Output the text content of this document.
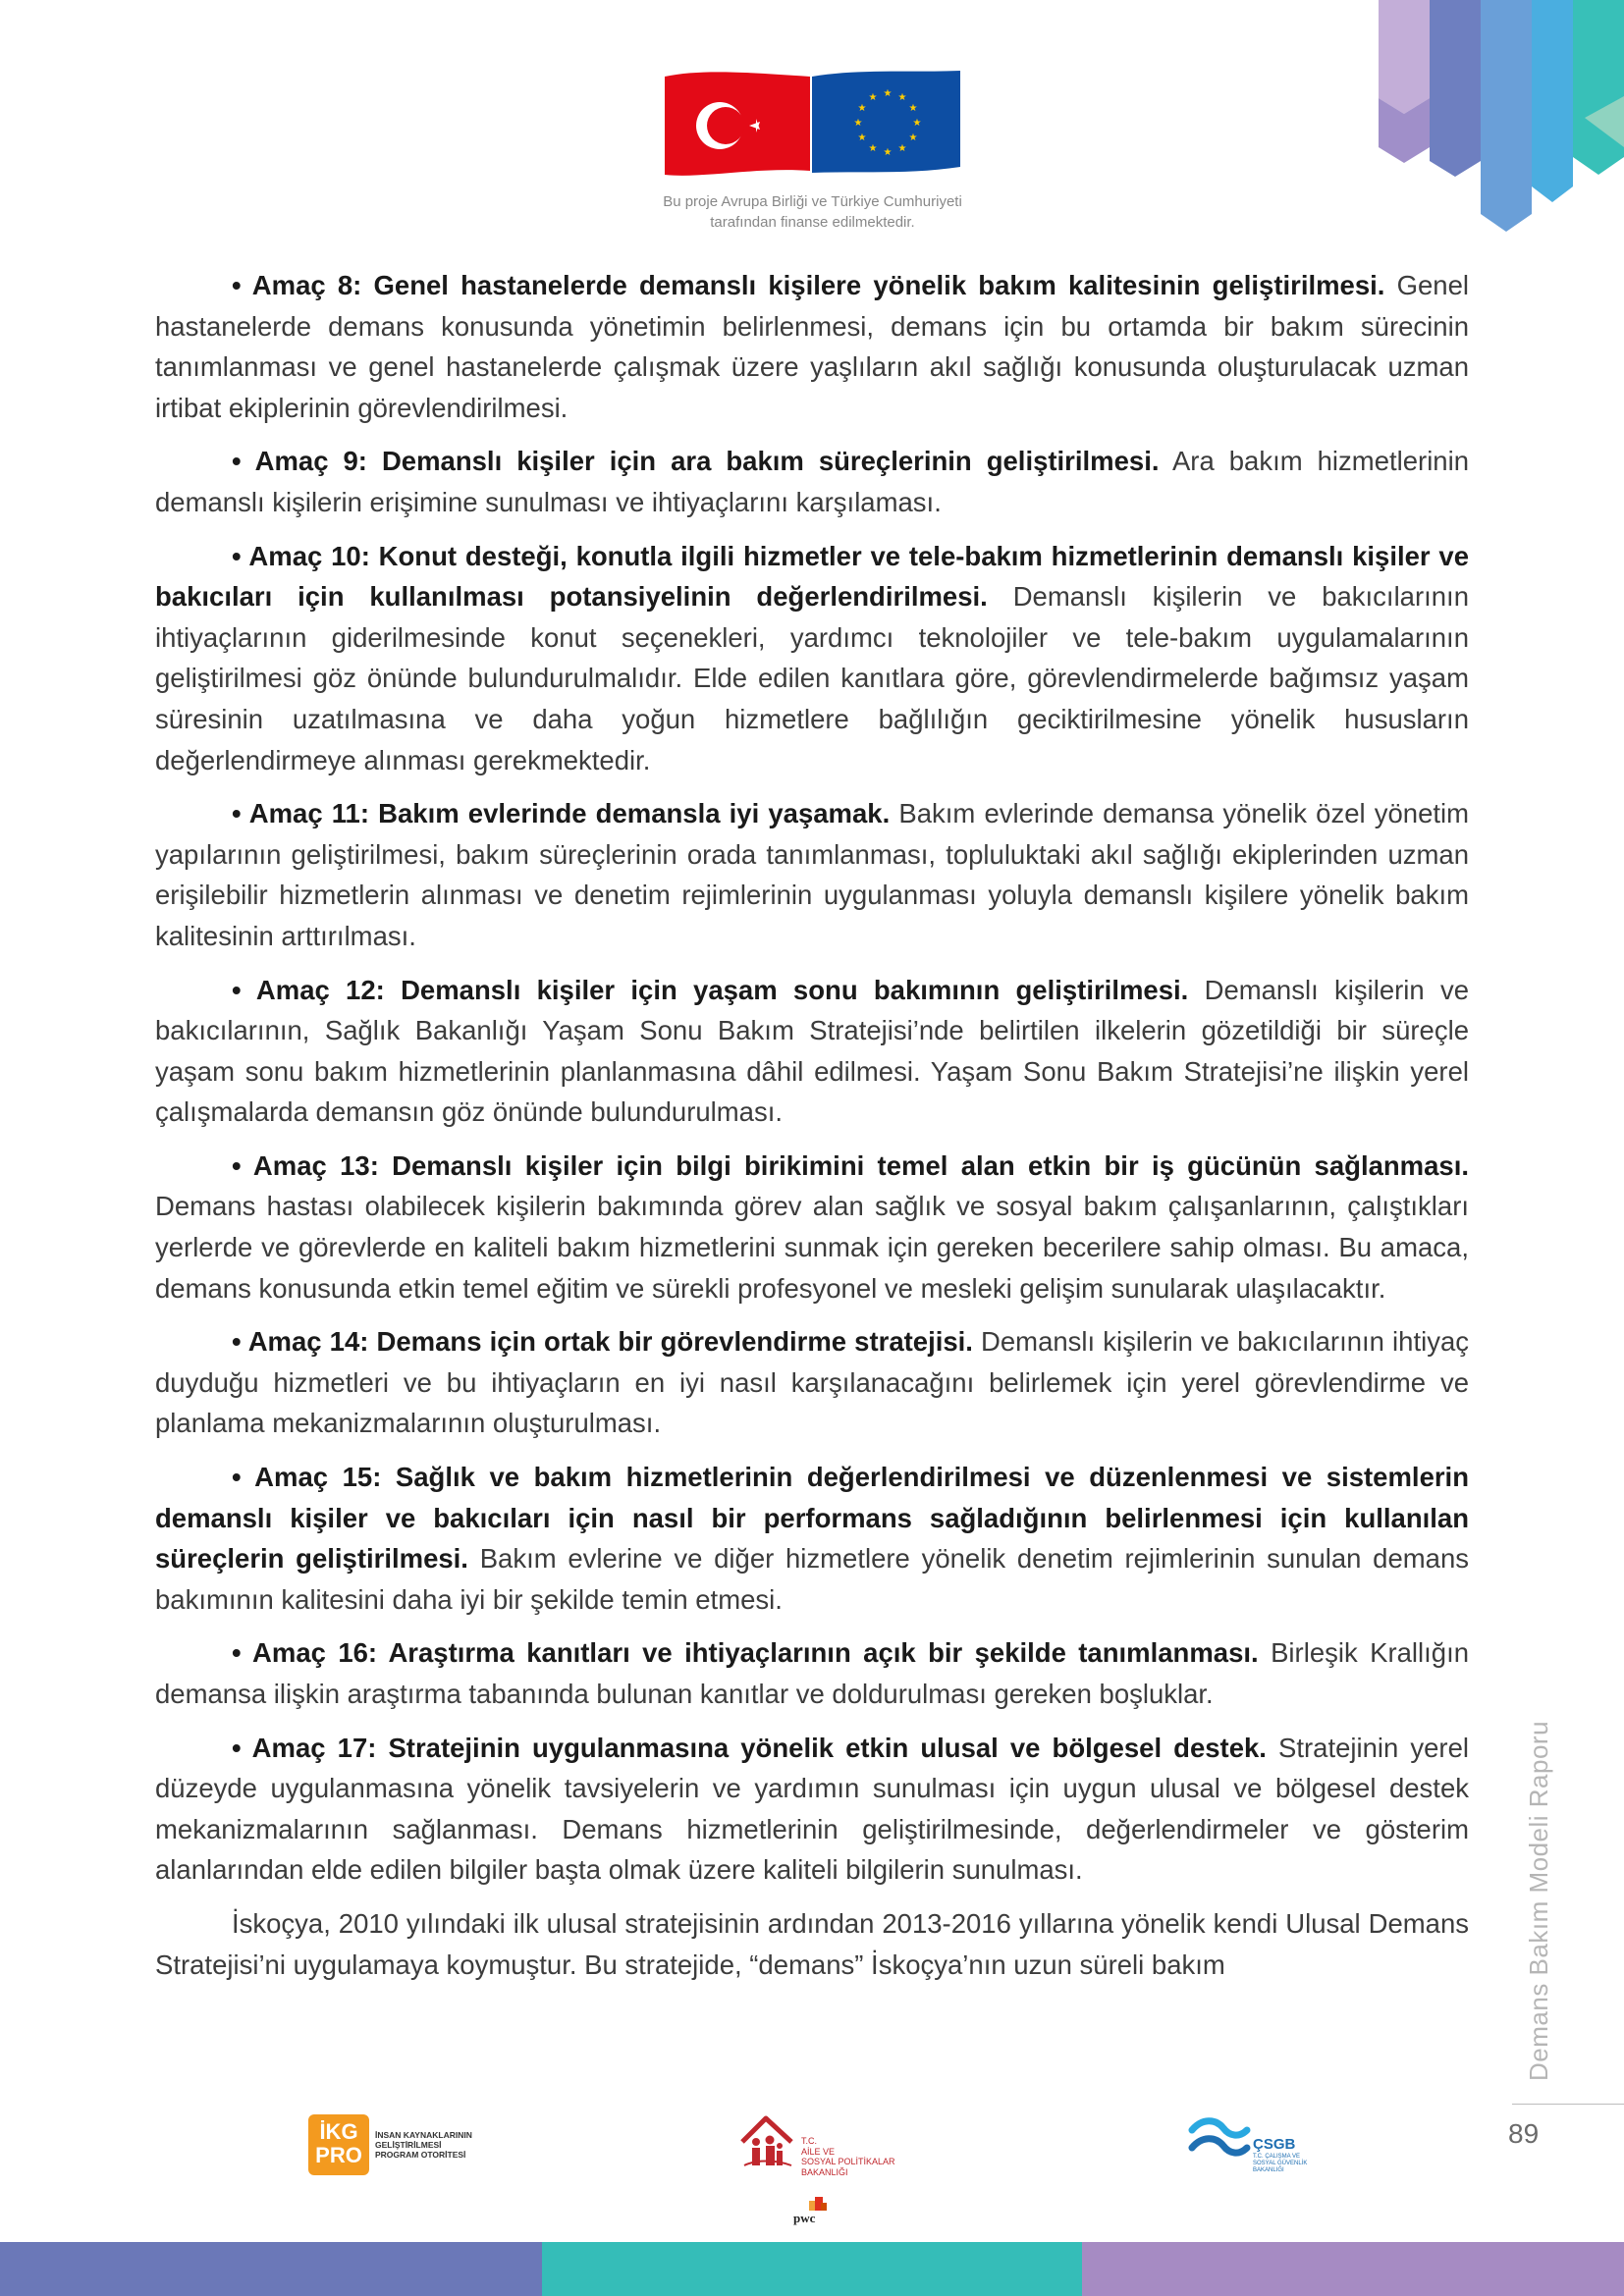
★ ★
★
★
★
★
★
★
★
★
★
★
Bu proje Avrupa Birliği ve Türkiye Cumhuriyeti
tarafından finanse edilmektedir.

• Amaç 8: Genel hastanelerde demanslı kişilere yönelik bakım kalitesinin geliştirilmesi. Genel hastanelerde demans konusunda yönetimin belirlenmesi, demans için bu ortamda bir bakım sürecinin tanımlanması ve genel hastanelerde çalışmak üzere yaşlıların akıl sağlığı konusunda oluşturulacak uzman irtibat ekiplerinin görevlendirilmesi.

• Amaç 9: Demanslı kişiler için ara bakım süreçlerinin geliştirilmesi. Ara bakım hizmetlerinin demanslı kişilerin erişimine sunulması ve ihtiyaçlarını karşılaması.

• Amaç 10: Konut desteği, konutla ilgili hizmetler ve tele-bakım hizmetlerinin demanslı kişiler ve bakıcıları için kullanılması potansiyelinin değerlendirilmesi. Demanslı kişilerin ve bakıcılarının ihtiyaçlarının giderilmesinde konut seçenekleri, yardımcı teknolojiler ve tele-bakım uygulamalarının geliştirilmesi göz önünde bulundurulmalıdır. Elde edilen kanıtlara göre, görevlendirmelerde bağımsız yaşam süresinin uzatılmasına ve daha yoğun hizmetlere bağlılığın geciktirilmesine yönelik hususların değerlendirmeye alınması gerekmektedir.

• Amaç 11: Bakım evlerinde demansla iyi yaşamak. Bakım evlerinde demansa yönelik özel yönetim yapılarının geliştirilmesi, bakım süreçlerinin orada tanımlanması, topluluktaki akıl sağlığı ekiplerinden uzman erişilebilir hizmetlerin alınması ve denetim rejimlerinin uygulanması yoluyla demanslı kişilere yönelik bakım kalitesinin arttırılması.

• Amaç 12: Demanslı kişiler için yaşam sonu bakımının geliştirilmesi. Demanslı kişilerin ve bakıcılarının, Sağlık Bakanlığı Yaşam Sonu Bakım Stratejisi’nde belirtilen ilkelerin gözetildiği bir süreçle yaşam sonu bakım hizmetlerinin planlanmasına dâhil edilmesi. Yaşam Sonu Bakım Stratejisi’ne ilişkin yerel çalışmalarda demansın göz önünde bulundurulması.

• Amaç 13: Demanslı kişiler için bilgi birikimini temel alan etkin bir iş gücünün sağlanması. Demans hastası olabilecek kişilerin bakımında görev alan sağlık ve sosyal bakım çalışanlarının, çalıştıkları yerlerde ve görevlerde en kaliteli bakım hizmetlerini sunmak için gereken becerilere sahip olması. Bu amaca, demans konusunda etkin temel eğitim ve sürekli profesyonel ve mesleki gelişim sunularak ulaşılacaktır.

• Amaç 14: Demans için ortak bir görevlendirme stratejisi. Demanslı kişilerin ve bakıcılarının ihtiyaç duyduğu hizmetleri ve bu ihtiyaçların en iyi nasıl karşılanacağını belirlemek için yerel görevlendirme ve planlama mekanizmalarının oluşturulması.

• Amaç 15: Sağlık ve bakım hizmetlerinin değerlendirilmesi ve düzenlenmesi ve sistemlerin demanslı kişiler ve bakıcıları için nasıl bir performans sağladığının belirlenmesi için kullanılan süreçlerin geliştirilmesi. Bakım evlerine ve diğer hizmetlere yönelik denetim rejimlerinin sunulan demans bakımının kalitesini daha iyi bir şekilde temin etmesi.

• Amaç 16: Araştırma kanıtları ve ihtiyaçlarının açık bir şekilde tanımlanması. Birleşik Krallığın demansa ilişkin araştırma tabanında bulunan kanıtlar ve doldurulması gereken boşluklar.

• Amaç 17: Stratejinin uygulanmasına yönelik etkin ulusal ve bölgesel destek. Stratejinin yerel düzeyde uygulanmasına yönelik tavsiyelerin ve yardımın sunulması için uygun ulusal ve bölgesel destek mekanizmalarının sağlanması. Demans hizmetlerinin geliştirilmesinde, değerlendirmeler ve gösterim alanlarından elde edilen bilgiler başta olmak üzere kaliteli bilgilerin sunulması.

İskoçya, 2010 yılındaki ilk ulusal stratejisinin ardından 2013-2016 yıllarına yönelik kendi Ulusal Demans Stratejisi’ni uygulamaya koymuştur. Bu stratejide, “demans” İskoçya’nın uzun süreli bakım	Demans Bakım Modeli Raporu
89
İKG PRO
İNSAN KAYNAKLARININ
GELİŞTİRİLMESİ
PROGRAM OTORİTESİ
T.C.
AİLE VE
SOSYAL POLİTİKALAR
BAKANLIĞI
ÇSGB
T.C. ÇALIŞMA VE SOSYAL GÜVENLİK BAKANLIĞI
pwc
